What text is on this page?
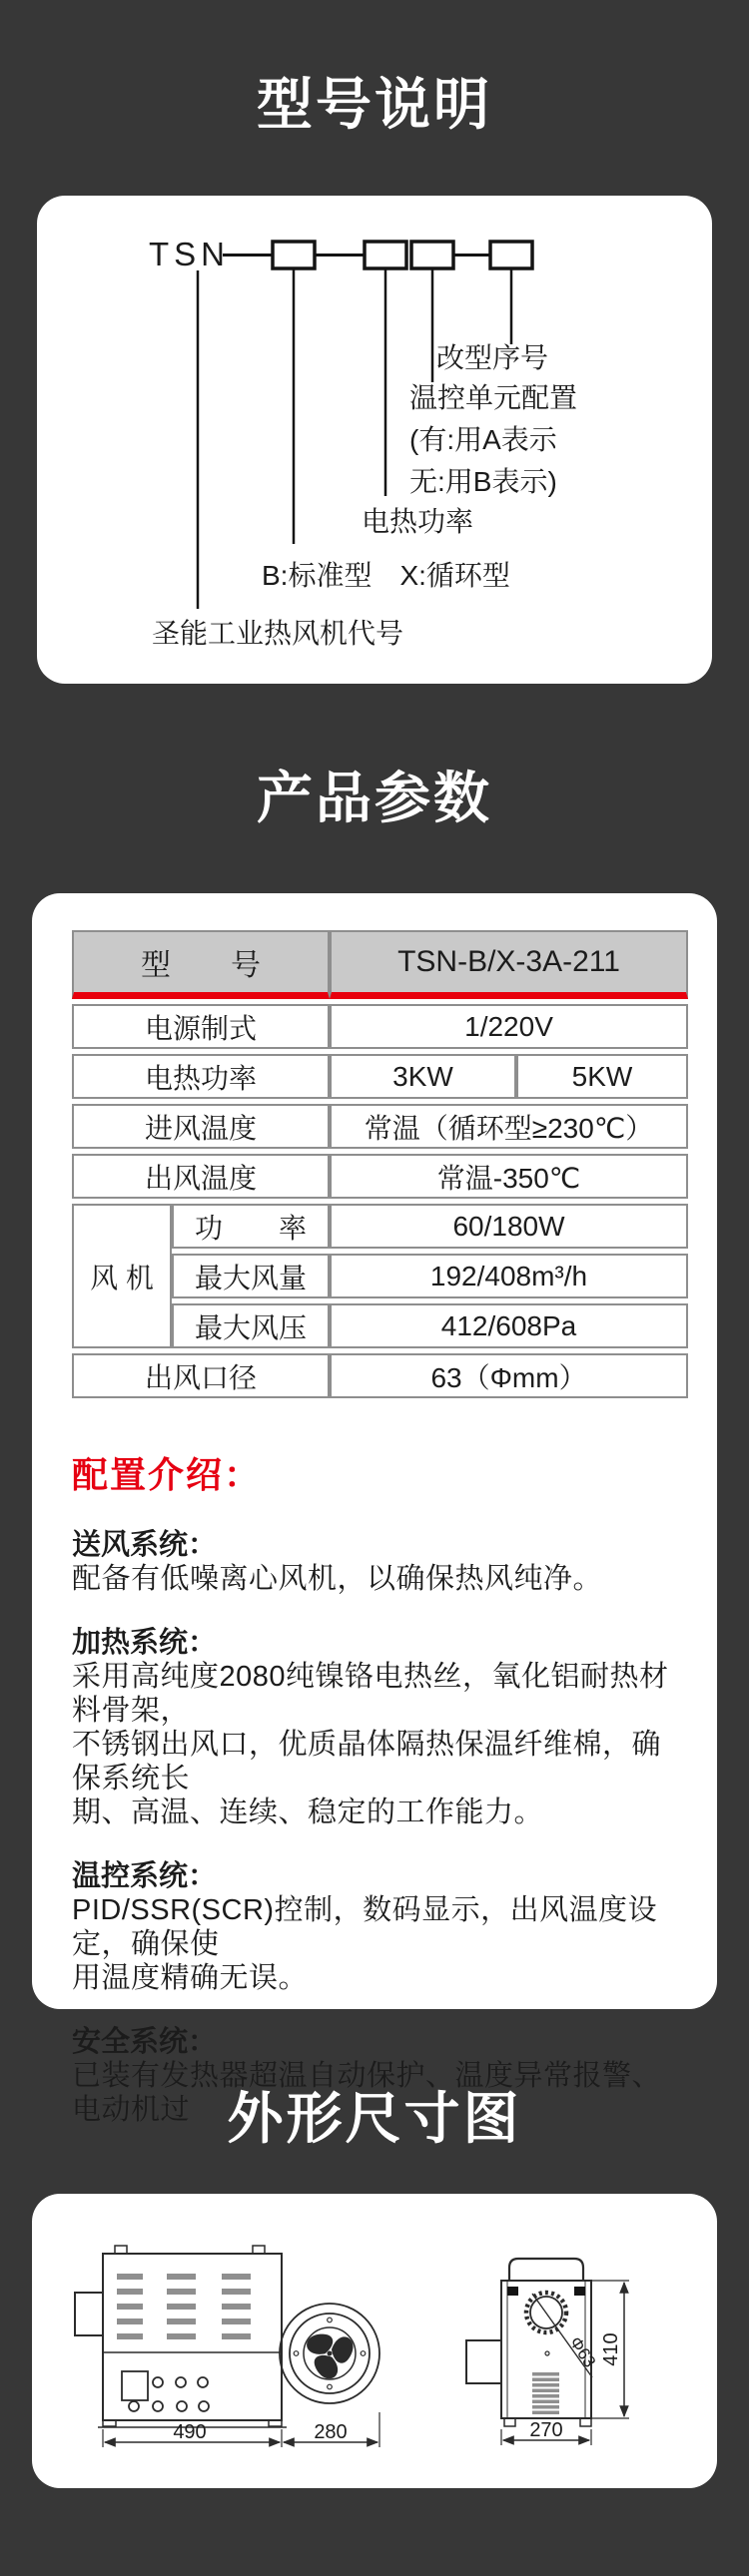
型号说明
产品参数
外形尺寸图
TSN
改型序号
温控单元配置
(有:用A表示
无:用B表示)
电热功率
B:标准型　X:循环型
圣能工业热风机代号
型　　号		TSN-B/X-3A-211	
电源制式		1/220V	
电热功率		3KW	5KW
进风温度		常温（循环型≥230℃）	
出风温度		常温-350℃	
风 机	功　　率	60/180W	
	最大风量	192/408m³/h	
	最大风压	412/608Pa	
出风口径		63（Φmm）	
配置介绍：
送风系统：
配备有低噪离心风机，以确保热风纯净。
加热系统：
采用高纯度2080纯镍铬电热丝，氧化铝耐热材料骨架，
不锈钢出风口，优质晶体隔热保温纤维棉，确保系统长
期、高温、连续、稳定的工作能力。
温控系统：
PID/SSR(SCR)控制，数码显示，出风温度设定，确保使
用温度精确无误。
安全系统：
已装有发热器超温自动保护、温度异常报警、电动机过
490	280
Φ63 410
270
